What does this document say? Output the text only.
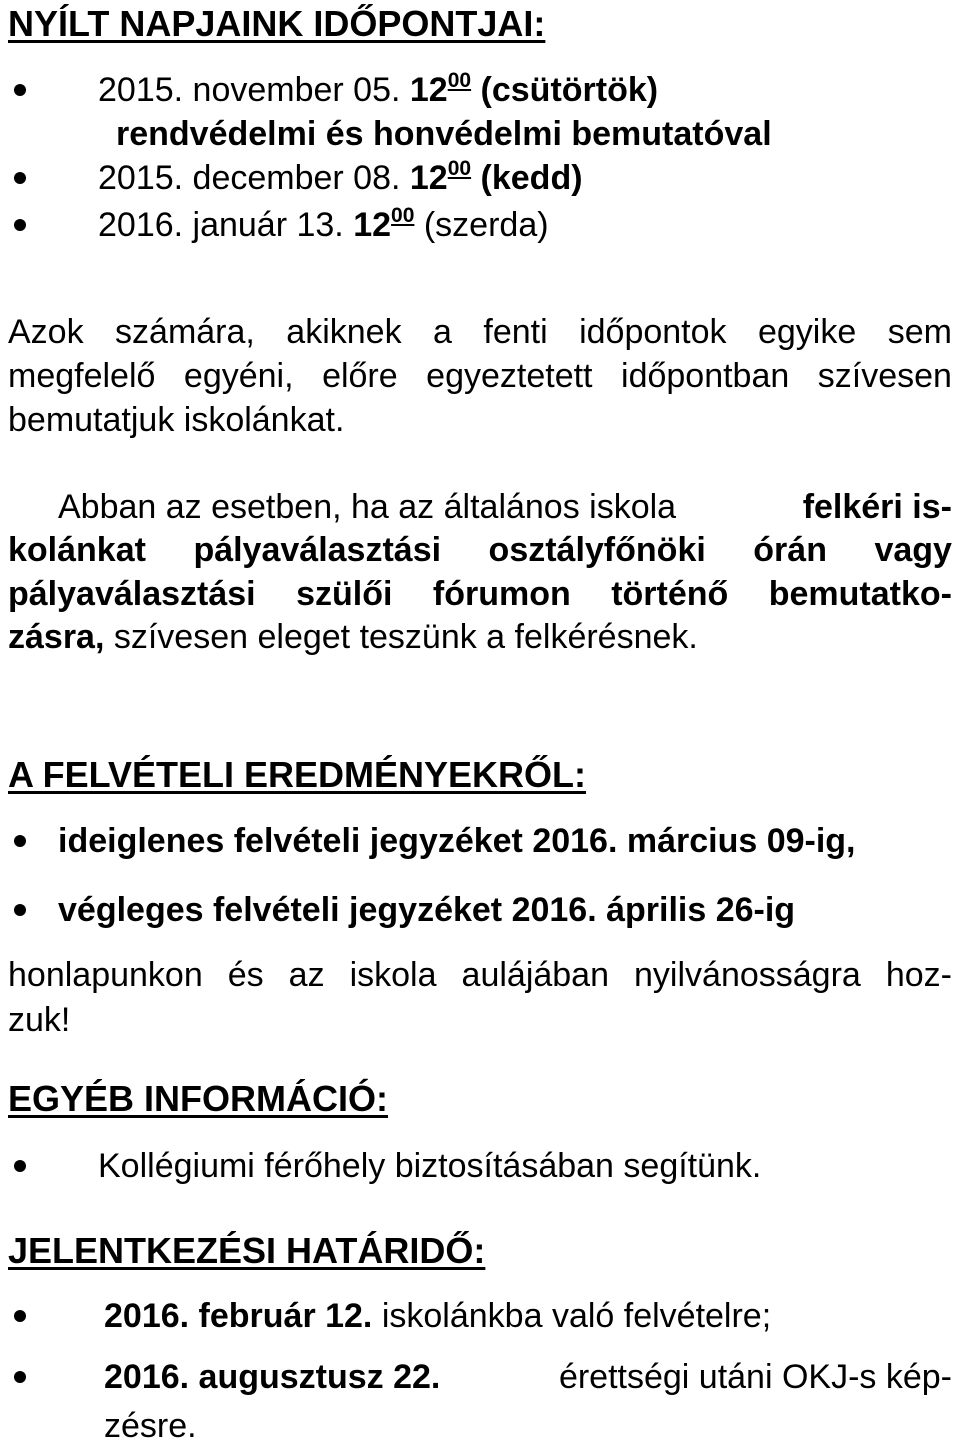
NYÍLT NAPJAINK IDŐPONTJAI:
2015. november 05. $12^{00}$ (csütörtök)
rendvédelmi és honvédelmi bemutatóval
2015. december 08. $12^{00}$ (kedd)
2016. január 13. $12^{00}$ (szerda)
Azok számára, akiknek a fenti időpontok egyike sem
megfelelő egyéni, előre egyeztetett időpontban szívesen
bemutatjuk iskolánkat.
Abban az esetben, ha az általános iskola	felkéri is-
kolánkat pályaválasztási osztályfőnöki órán vagy
pályaválasztási szülői fórumon történő bemutatko-
zásra, szívesen eleget teszünk a felkérésnek.
A FELVÉTELI EREDMÉNYEKRŐL:
ideiglenes felvételi jegyzéket 2016. március 09-ig,
végleges felvételi jegyzéket 2016. április 26-ig
honlapunkon és az iskola aulájában nyilvánosságra hoz-
zuk!
EGYÉB INFORMÁCIÓ:
Kollégiumi férőhely biztosításában segítünk.
JELENTKEZÉSI HATÁRIDŐ:
2016. február 12. iskolánkba való felvételre;
2016. augusztusz 22.	érettségi utáni OKJ-s kép-
zésre.
